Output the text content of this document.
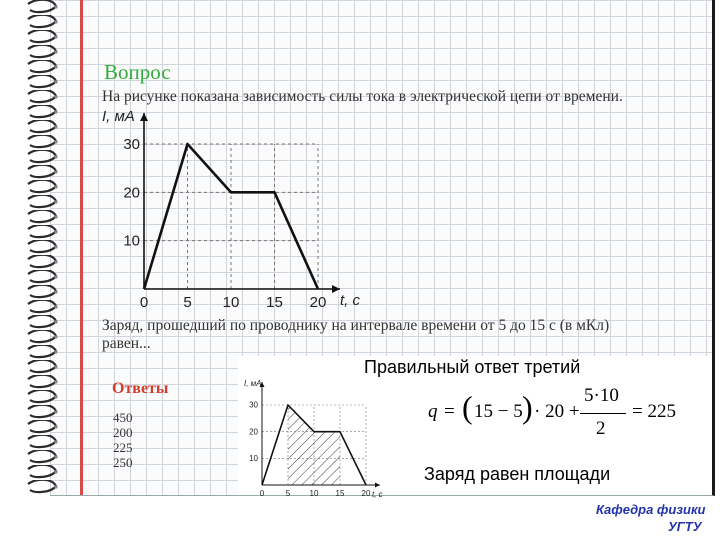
Вопрос
На рисунке показана зависимость силы тока в электрической цепи от времени.
0 5 10 15 20
10
20
30
I, мА
t, с
Заряд, прошедший по проводнику на интервале времени от 5 до 15 с (в мКл)
равен...
Ответы
450
200
225
250
0	5 10 15 20
10
20
30
I, мА
t, с
Правильный ответ третий
q = ( 15 − 5 ) · 20 +
5·10
2
= 225
Заряд равен площади
Кафедра физики
УГТУ
